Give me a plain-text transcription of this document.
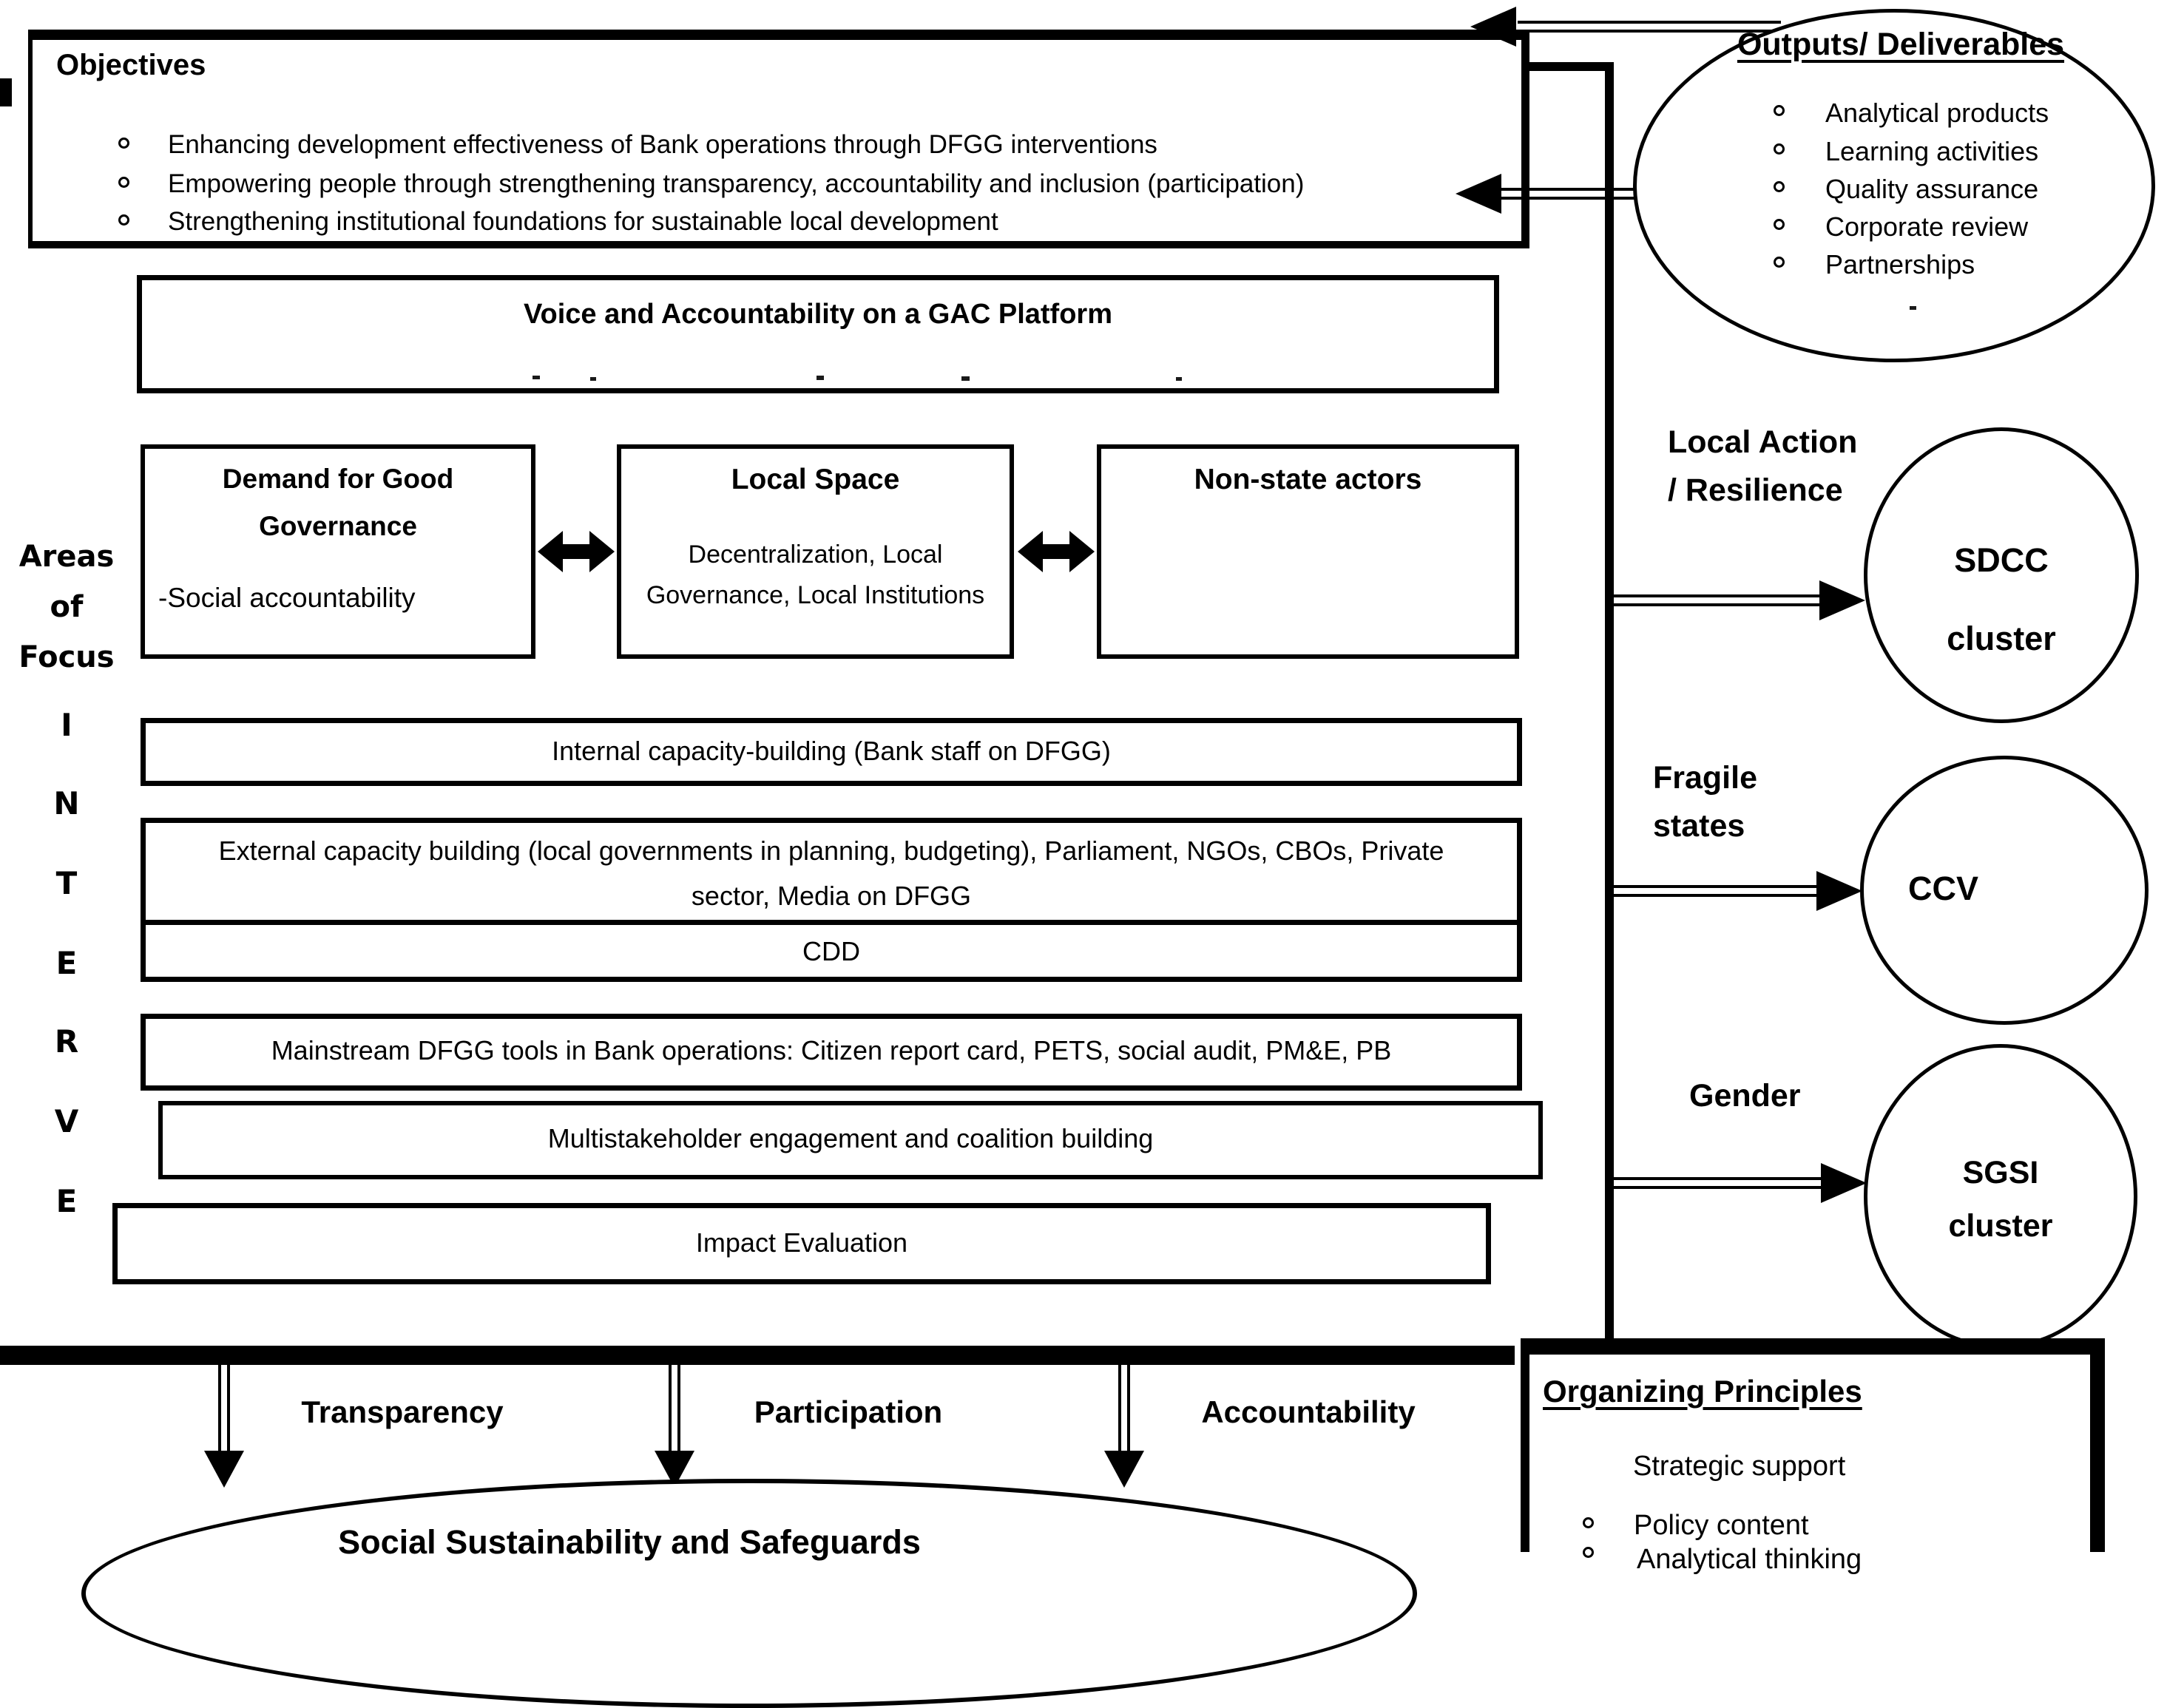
Objectives
Enhancing development effectiveness of Bank operations through DFGG interventions
Empowering people through strengthening transparency, accountability and inclusion (participation)
Strengthening institutional foundations for sustainable local development
Outputs/ Deliverables
Analytical products
Learning activities
Quality assurance
Corporate review
Partnerships
Voice and Accountability on a GAC Platform
Areas
of
Focus
I
N
T
E
R
V
E
Demand for Good
Governance
-Social accountability
Local Space
Decentralization, Local
Governance, Local Institutions
Non-state actors
Internal capacity-building (Bank staff on DFGG)
External capacity building (local governments in planning, budgeting), Parliament, NGOs, CBOs, Private
sector, Media on DFGG
CDD
Mainstream DFGG tools in Bank operations: Citizen report card, PETS, social audit, PM&E, PB
Multistakeholder engagement and coalition building
Impact Evaluation
Local Action
/ Resilience
SDCC
cluster
Fragile
states
CCV
Gender
SGSI
cluster
Transparency	Participation	Accountability
Social Sustainability and Safeguards
Organizing Principles
Strategic support
Policy content
Analytical thinking
